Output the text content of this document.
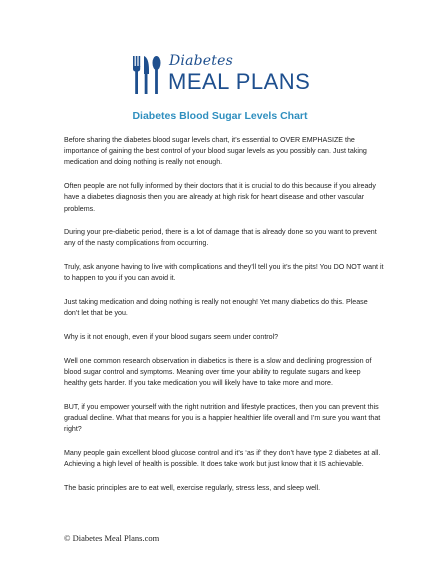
Diabetes
MEAL PLANS
Diabetes Blood Sugar Levels Chart

Before sharing the diabetes blood sugar levels chart, it’s essential to OVER EMPHASIZE the importance of gaining the best control of your blood sugar levels as you possibly can. Just taking medication and doing nothing is really not enough.

Often people are not fully informed by their doctors that it is crucial to do this because if you already have a diabetes diagnosis then you are already at high risk for heart disease and other vascular problems.

During your pre-diabetic period, there is a lot of damage that is already done so you want to prevent any of the nasty complications from occurring.

Truly, ask anyone having to live with complications and they’ll tell you it’s the pits! You DO NOT want it to happen to you if you can avoid it.

Just taking medication and doing nothing is really not enough! Yet many diabetics do this. Please don’t let that be you.

Why is it not enough, even if your blood sugars seem under control?

Well one common research observation in diabetics is there is a slow and declining progression of blood sugar control and symptoms. Meaning over time your ability to regulate sugars and keep healthy gets harder. If you take medication you will likely have to take more and more.

BUT, if you empower yourself with the right nutrition and lifestyle practices, then you can prevent this gradual decline. What that means for you is a happier healthier life overall and I’m sure you want that right?

Many people gain excellent blood glucose control and it’s ‘as if’ they don’t have type 2 diabetes at all. Achieving a high level of health is possible. It does take work but just know that it IS achievable.

The basic principles are to eat well, exercise regularly, stress less, and sleep well.

© Diabetes Meal Plans.com
